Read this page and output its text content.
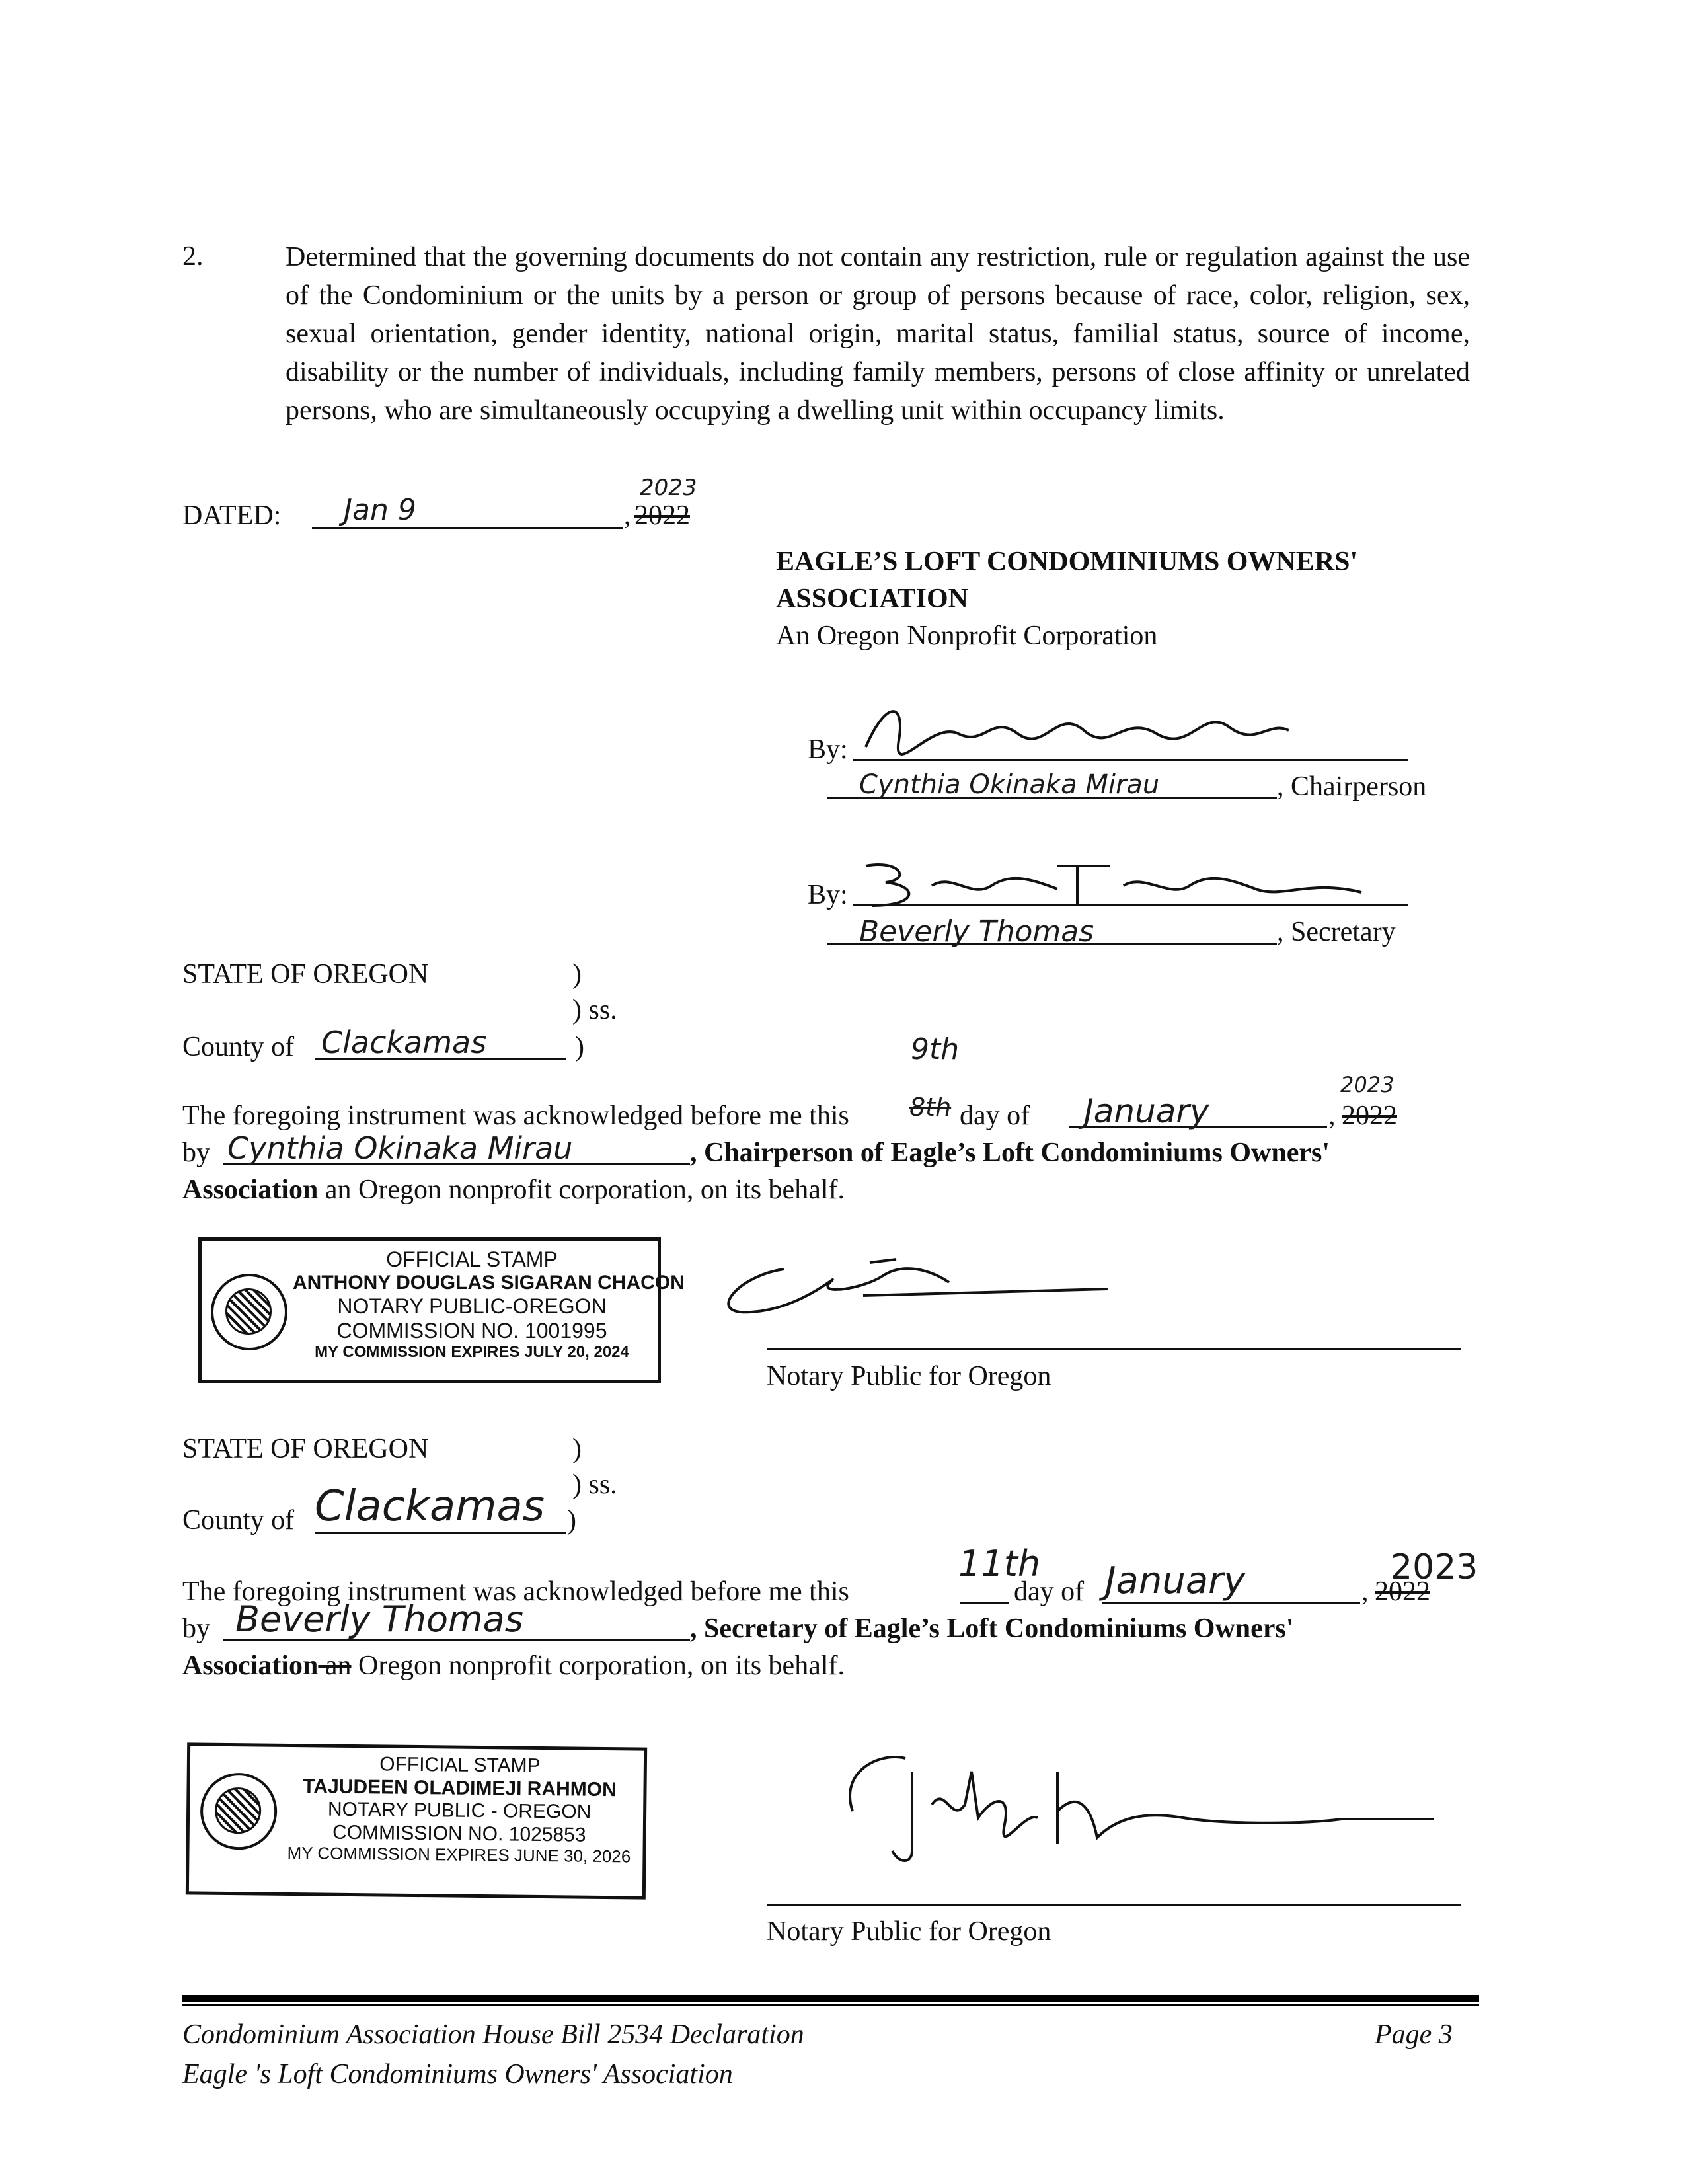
2.	Determined that the governing documents do not contain any restriction, rule or regulation against the use of the Condominium or the units by a person or group of persons because of race, color, religion, sex, sexual orientation, gender identity, national origin, marital status, familial status, source of income, disability or the number of individuals, including family members, persons of close affinity or unrelated persons, who are simultaneously occupying a dwelling unit within occupancy limits.
DATED: Jan 9	, 2022
2023
EAGLE’S LOFT CONDOMINIUMS OWNERS'
ASSOCIATION
An Oregon Nonprofit Corporation
By:
Cynthia Okinaka Mirau	, Chairperson
By:
Beverly Thomas	, Secretary
STATE OF OREGON	)
) ss.
County of Clackamas	)	9th
The foregoing instrument was acknowledged before me this 8th day of January	, 2022
2023
by Cynthia Okinaka Mirau	, Chairperson of Eagle’s Loft Condominiums Owners'
Association an Oregon nonprofit corporation, on its behalf.
OFFICIAL STAMP
ANTHONY DOUGLAS SIGARAN CHACON
NOTARY PUBLIC-OREGON
COMMISSION NO. 1001995
MY COMMISSION EXPIRES JULY 20, 2024
Notary Public for Oregon
STATE OF OREGON	)
) ss.
County of Clackamas )
The foregoing instrument was acknowledged before me this
11th
day of January	, 2022
2023
by Beverly Thomas	, Secretary of Eagle’s Loft Condominiums Owners'
Association an Oregon nonprofit corporation, on its behalf.
OFFICIAL STAMP
TAJUDEEN OLADIMEJI RAHMON
NOTARY PUBLIC - OREGON
COMMISSION NO. 1025853
MY COMMISSION EXPIRES JUNE 30, 2026
Notary Public for Oregon
Condominium Association House Bill 2534 Declaration
Eagle 's Loft Condominiums Owners' Association
Page 3
